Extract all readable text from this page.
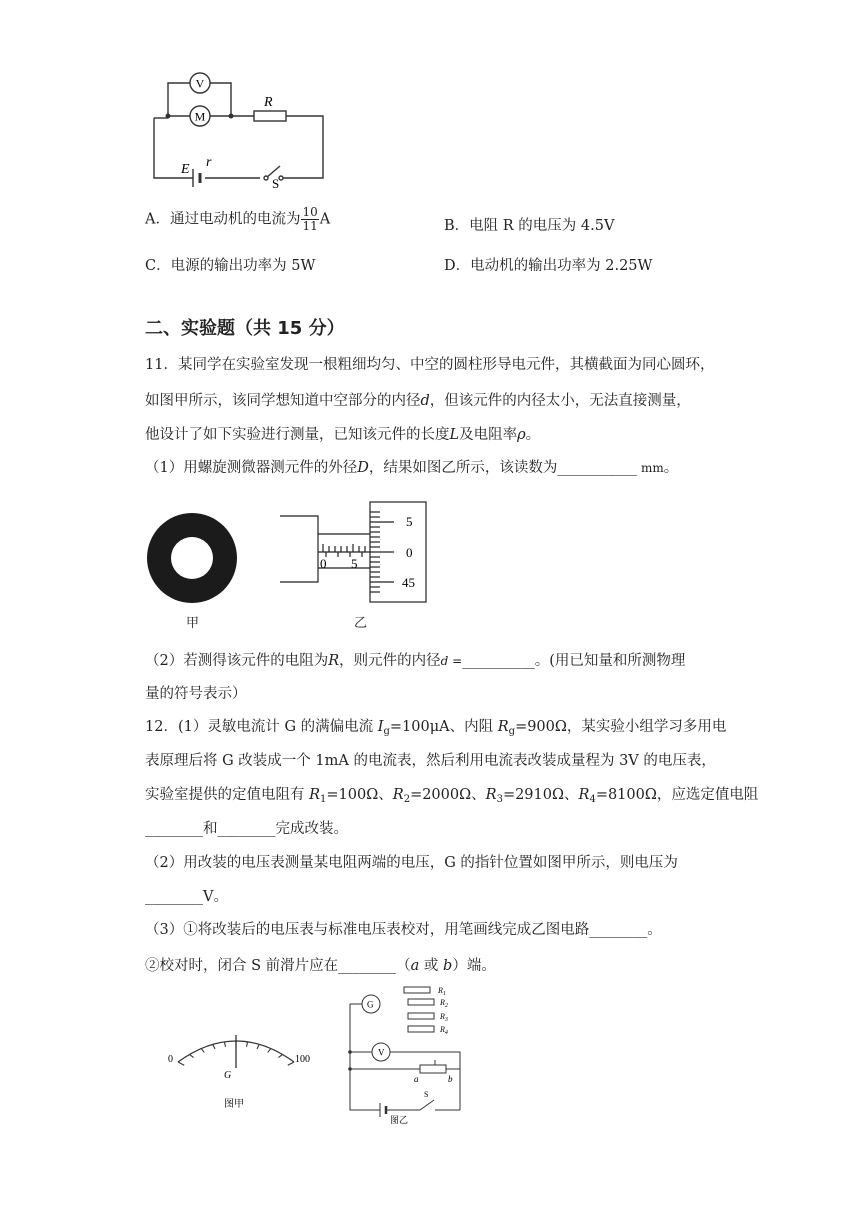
V
M
R
E r
S
A．通过电动机的电流为 $\frac{10}{11}$ A	B．电阻 R 的电压为 4.5V
C．电源的输出功率为 5W	D．电动机的输出功率为 2.25W
二、实验题（共 15 分）
11．某同学在实验室发现一根粗细均匀、中空的圆柱形导电元件，其横截面为同心圆环，
如图甲所示，该同学想知道中空部分的内径d，但该元件的内径太小，无法直接测量，
他设计了如下实验进行测量，已知该元件的长度L及电阻率ρ。
（1）用螺旋测微器测元件的外径D，结果如图乙所示，该读数为___________ mm。
甲
0 5
5
0
45
乙
（2）若测得该元件的电阻为R，则元件的内径d =__________。(用已知量和所测物理
量的符号表示）
12．(1）灵敏电流计 G 的满偏电流 $I_g=100\mu A$、内阻 $R_g=900\Omega$，某实验小组学习多用电
表原理后将 G 改装成一个 1mA 的电流表，然后利用电流表改装成量程为 3V 的电压表，
实验室提供的定值电阻有 $R_1=100\Omega$、$R_2=2000\Omega$、$R_3=2910\Omega$、$R_4=8100\Omega$，应选定值电阻
________和________完成改装。
（2）用改装的电压表测量某电阻两端的电压，G 的指针位置如图甲所示，则电压为
________V。
（3）①将改装后的电压表与标准电压表校对，用笔画线完成乙图电路________。
②校对时，闭合 S 前滑片应在________（a 或 b）端。
0	100
G
图甲
G
V
$R_1$
$R_2$
$R_3$
$R_4$
a	b
S
图乙
